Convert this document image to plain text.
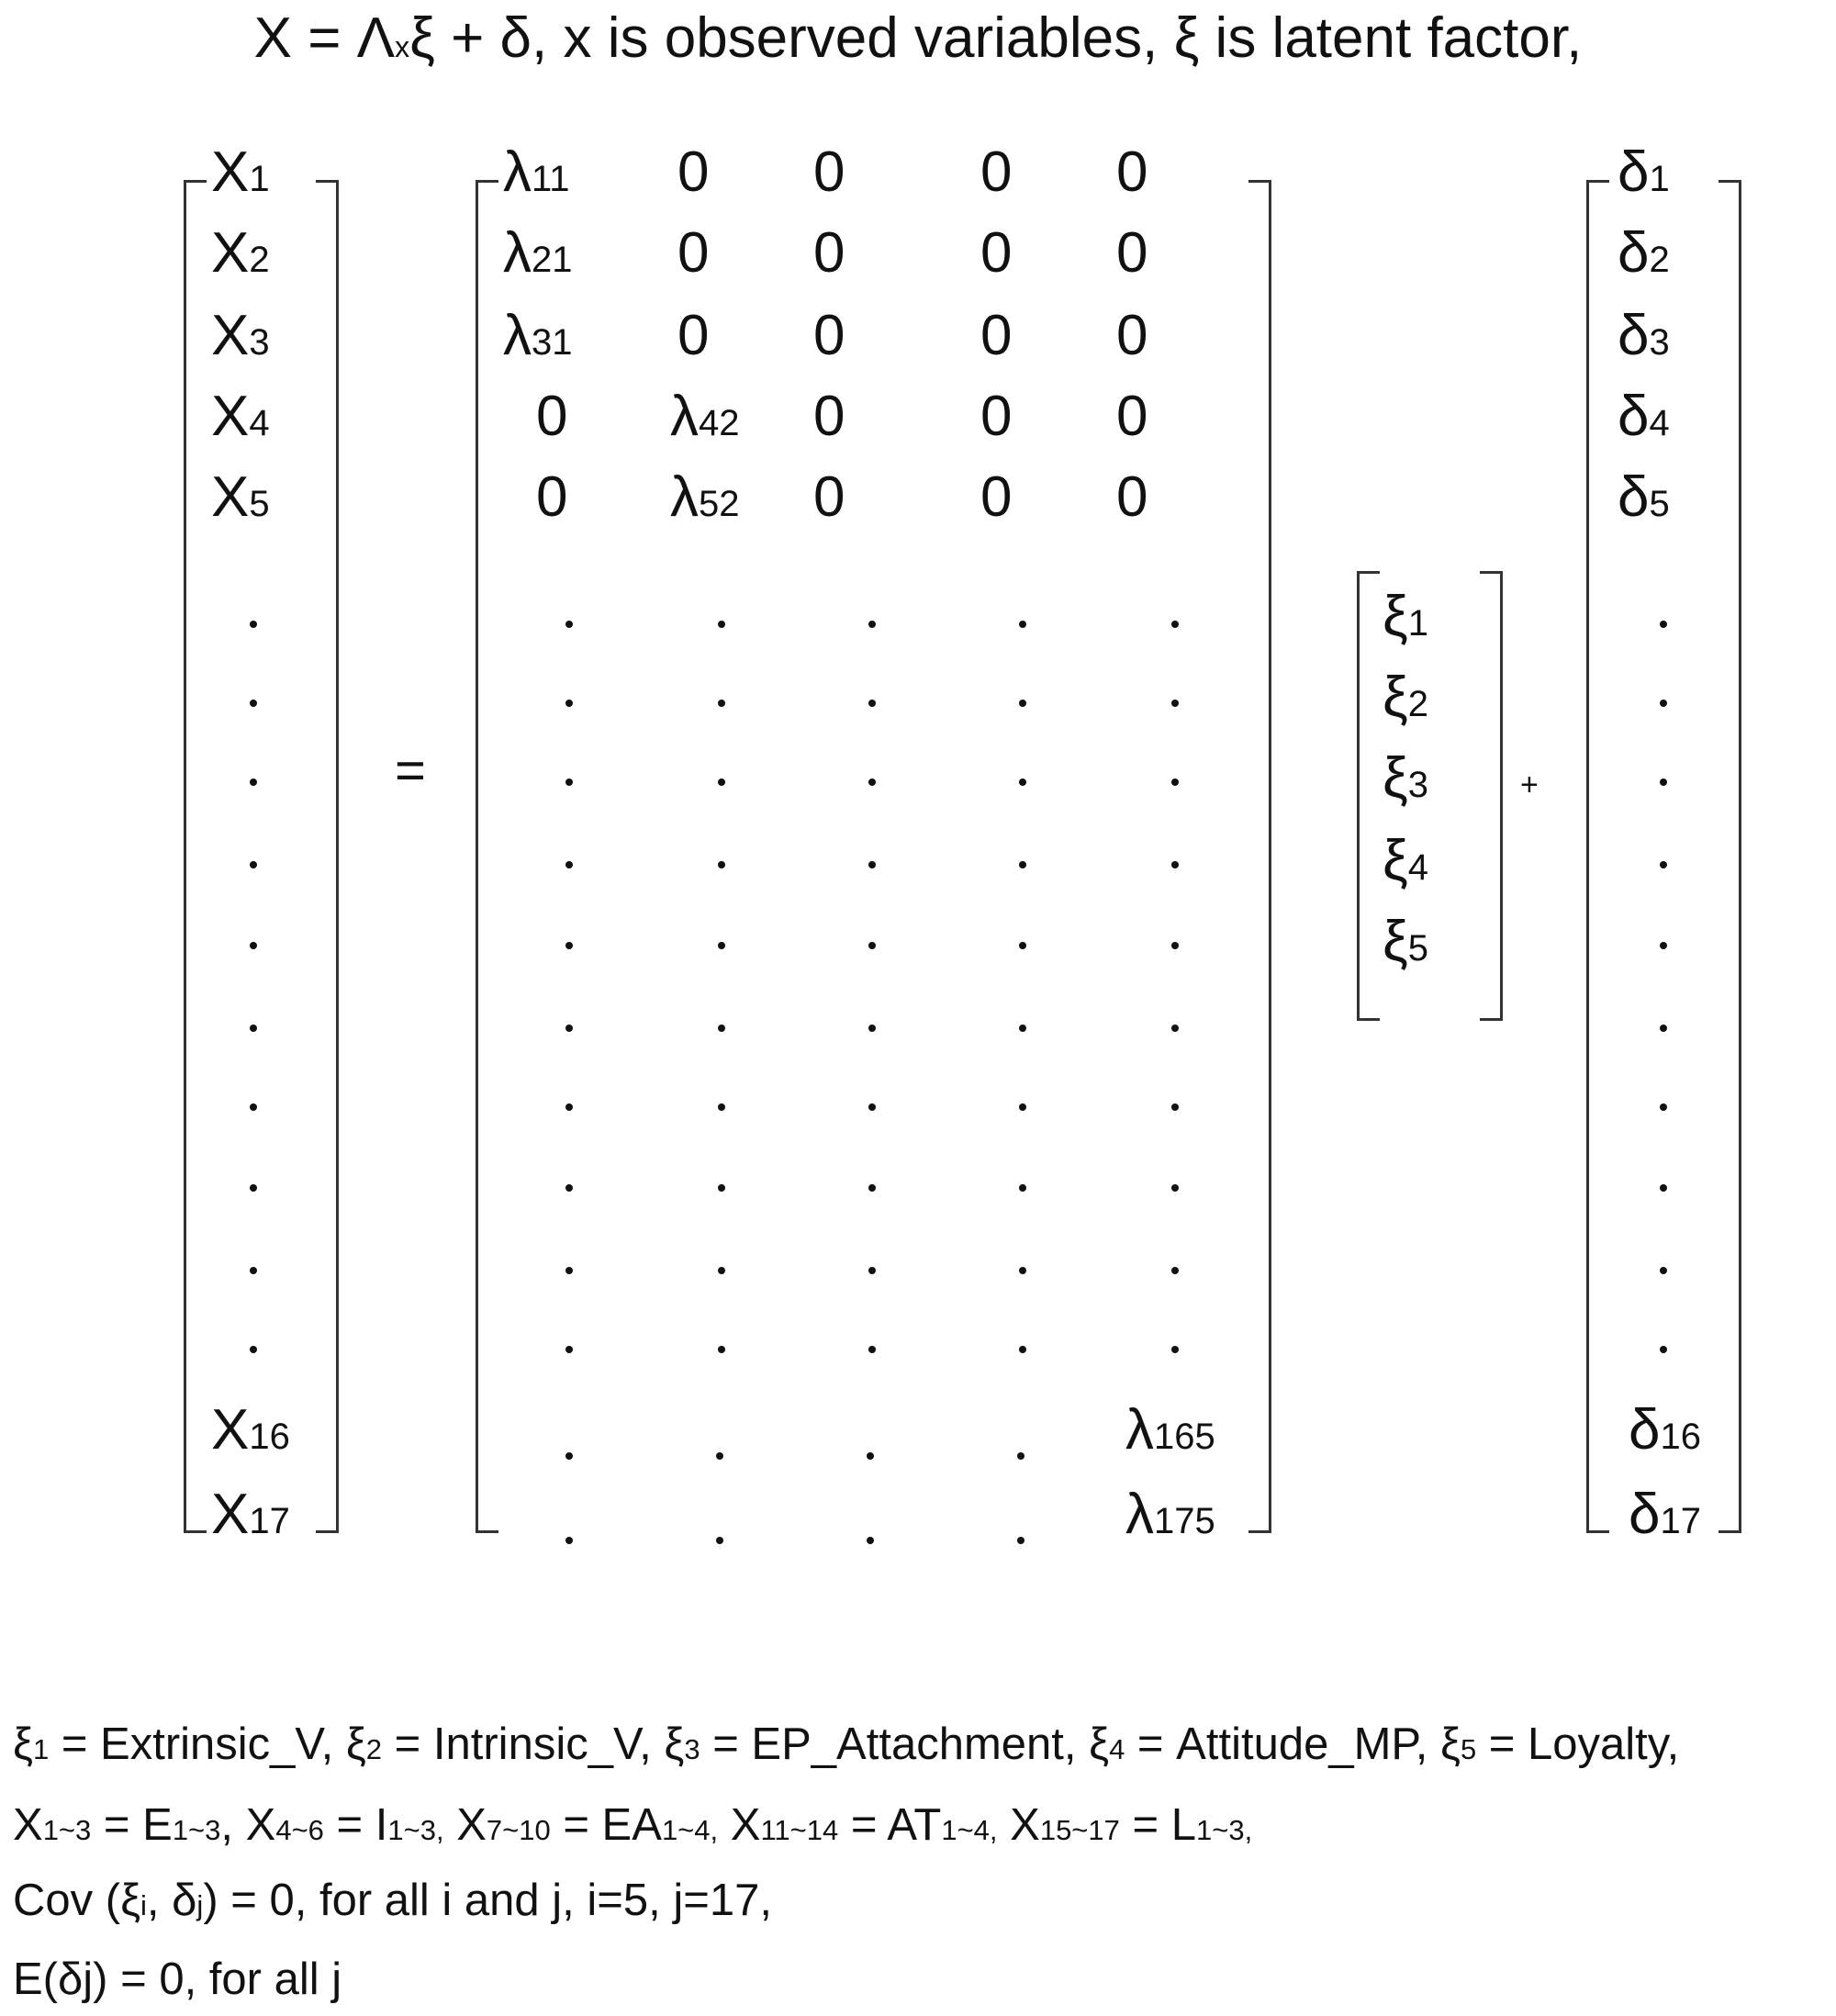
X = Λxξ + δ, x is observed variables, ξ is latent factor,
=	+
X1
X2
X3
X4
X5
X16
X17
λ11 0 0 0 0
λ21 0 0 0 0
λ31 0 0 0 0
0 λ42 0 0 0
0 λ52 0 0 0
λ165
λ175
ξ1
ξ2
ξ3
ξ4
ξ5
δ1
δ2
δ3
δ4
δ5
δ16
δ17
ξ1 = Extrinsic_V, ξ2 = Intrinsic_V, ξ3 = EP_Attachment, ξ4 = Attitude_MP, ξ5 = Loyalty,
X1~3 = E1~3, X4~6 = I1~3, X7~10 = EA1~4, X11~14 = AT1~4, X15~17 = L1~3,
Cov (ξi, δj) = 0, for all i and j, i=5, j=17,
E(δj) = 0, for all j
